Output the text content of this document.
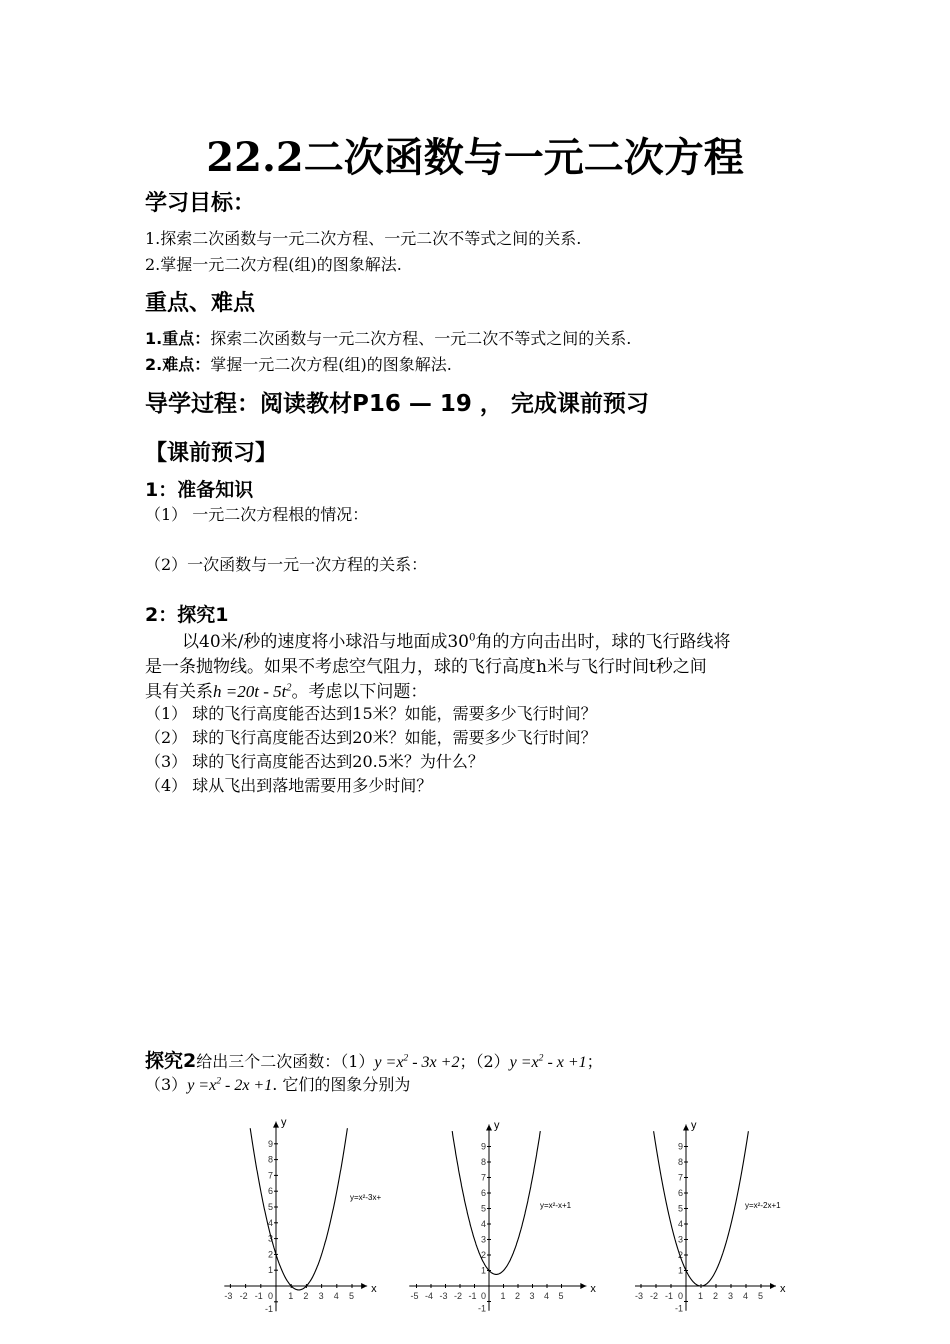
22.2二次函数与一元二次方程
学习目标：
1.探索二次函数与一元二次方程、一元二次不等式之间的关系.
2.掌握一元二次方程(组)的图象解法.
重点、难点
1.重点：探索二次函数与一元二次方程、一元二次不等式之间的关系.
2.难点：掌握一元二次方程(组)的图象解法.
导学过程：阅读教材P16 — 19 ， 完成课前预习
【课前预习】
1：准备知识
（1） 一元二次方程根的情况：
（2）一次函数与一元一次方程的关系：
2：探究1
以40米/秒的速度将小球沿与地面成$30^0$角的方向击出时，球的飞行路线将
是一条抛物线。如果不考虑空气阻力，球的飞行高度h米与飞行时间t秒之间
具有关系$h =20t - 5t^2$。考虑以下问题：
（1） 球的飞行高度能否达到15米？如能，需要多少飞行时间？
（2） 球的飞行高度能否达到20米？如能，需要多少飞行时间？
（3） 球的飞行高度能否达到20.5米？为什么？
（4） 球从飞出到落地需要用多少时间？
探究2给出三个二次函数：$(1)y =x^2 - 3x +2$；$(2)y =x^2 - x +1$；
$(3)y =x^2 - 2x +1$. 它们的图象分别为
x
y
-3 -2 -1 0 1 2 3 4 5
9
8
7
6
5
4
3
2
1
-1
y=x²-3x+
x
y
-5 -4 -3 -2 -1 0 1 2 3 4 5
9
8
7
6
5
4
3
2
1
-1
y=x²-x+1
x
y
-3 -2 -1 0 1 2 3 4 5
9
8
7
6
5
4
3
2
1
-1
y=x²-2x+1
